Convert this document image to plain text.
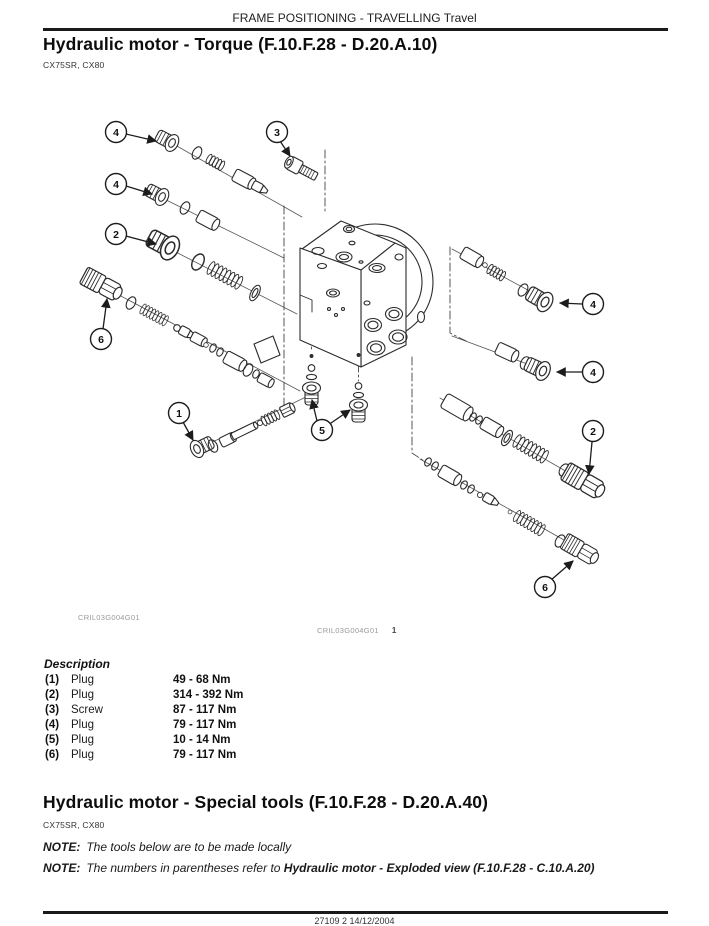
FRAME POSITIONING - TRAVELLING Travel
Hydraulic motor - Torque (F.10.F.28 - D.20.A.10)
CX75SR, CX80
4	3
4
2
6
1
5
4
4
2
6
CRIL03G004G01
CRIL03G004G01 1
Description
(1) Plug	49 - 68 Nm
(2) Plug	314 - 392 Nm
(3) Screw	87 - 117 Nm
(4) Plug	79 - 117 Nm
(5) Plug	10 - 14 Nm
(6) Plug	79 - 117 Nm
Hydraulic motor - Special tools (F.10.F.28 - D.20.A.40)
CX75SR, CX80
NOTE: The tools below are to be made locally
NOTE: The numbers in parentheses refer to Hydraulic motor - Exploded view (F.10.F.28 - C.10.A.20)
27109 2 14/12/2004
